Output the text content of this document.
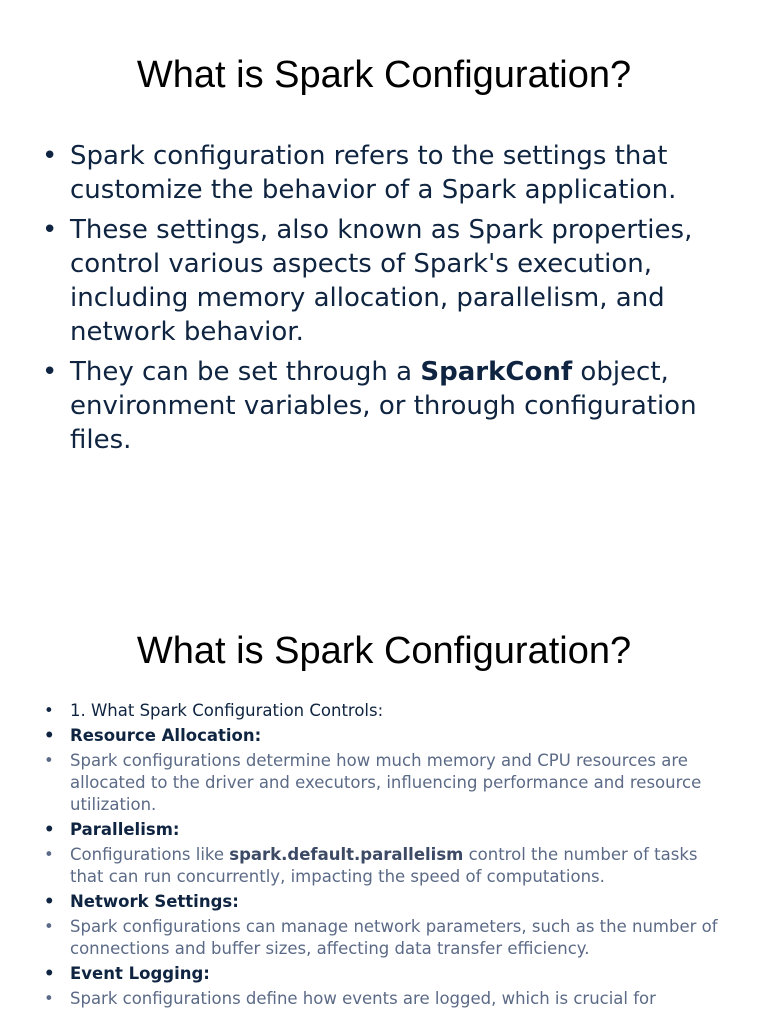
What is Spark Configuration?
• Spark configuration refers to the settings that customize the behavior of a Spark application.
• These settings, also known as Spark properties, control various aspects of Spark's execution, including memory allocation, parallelism, and network behavior.
• They can be set through a SparkConf object, environment variables, or through configuration files.
What is Spark Configuration?
• 1. What Spark Configuration Controls:
• Resource Allocation:
• Spark configurations determine how much memory and CPU resources are allocated to the driver and executors, influencing performance and resource utilization.
• Parallelism:
• Configurations like spark.default.parallelism control the number of tasks that can run concurrently, impacting the speed of computations.
• Network Settings:
• Spark configurations can manage network parameters, such as the number of connections and buffer sizes, affecting data transfer efficiency.
• Event Logging:
• Spark configurations define how events are logged, which is crucial for
